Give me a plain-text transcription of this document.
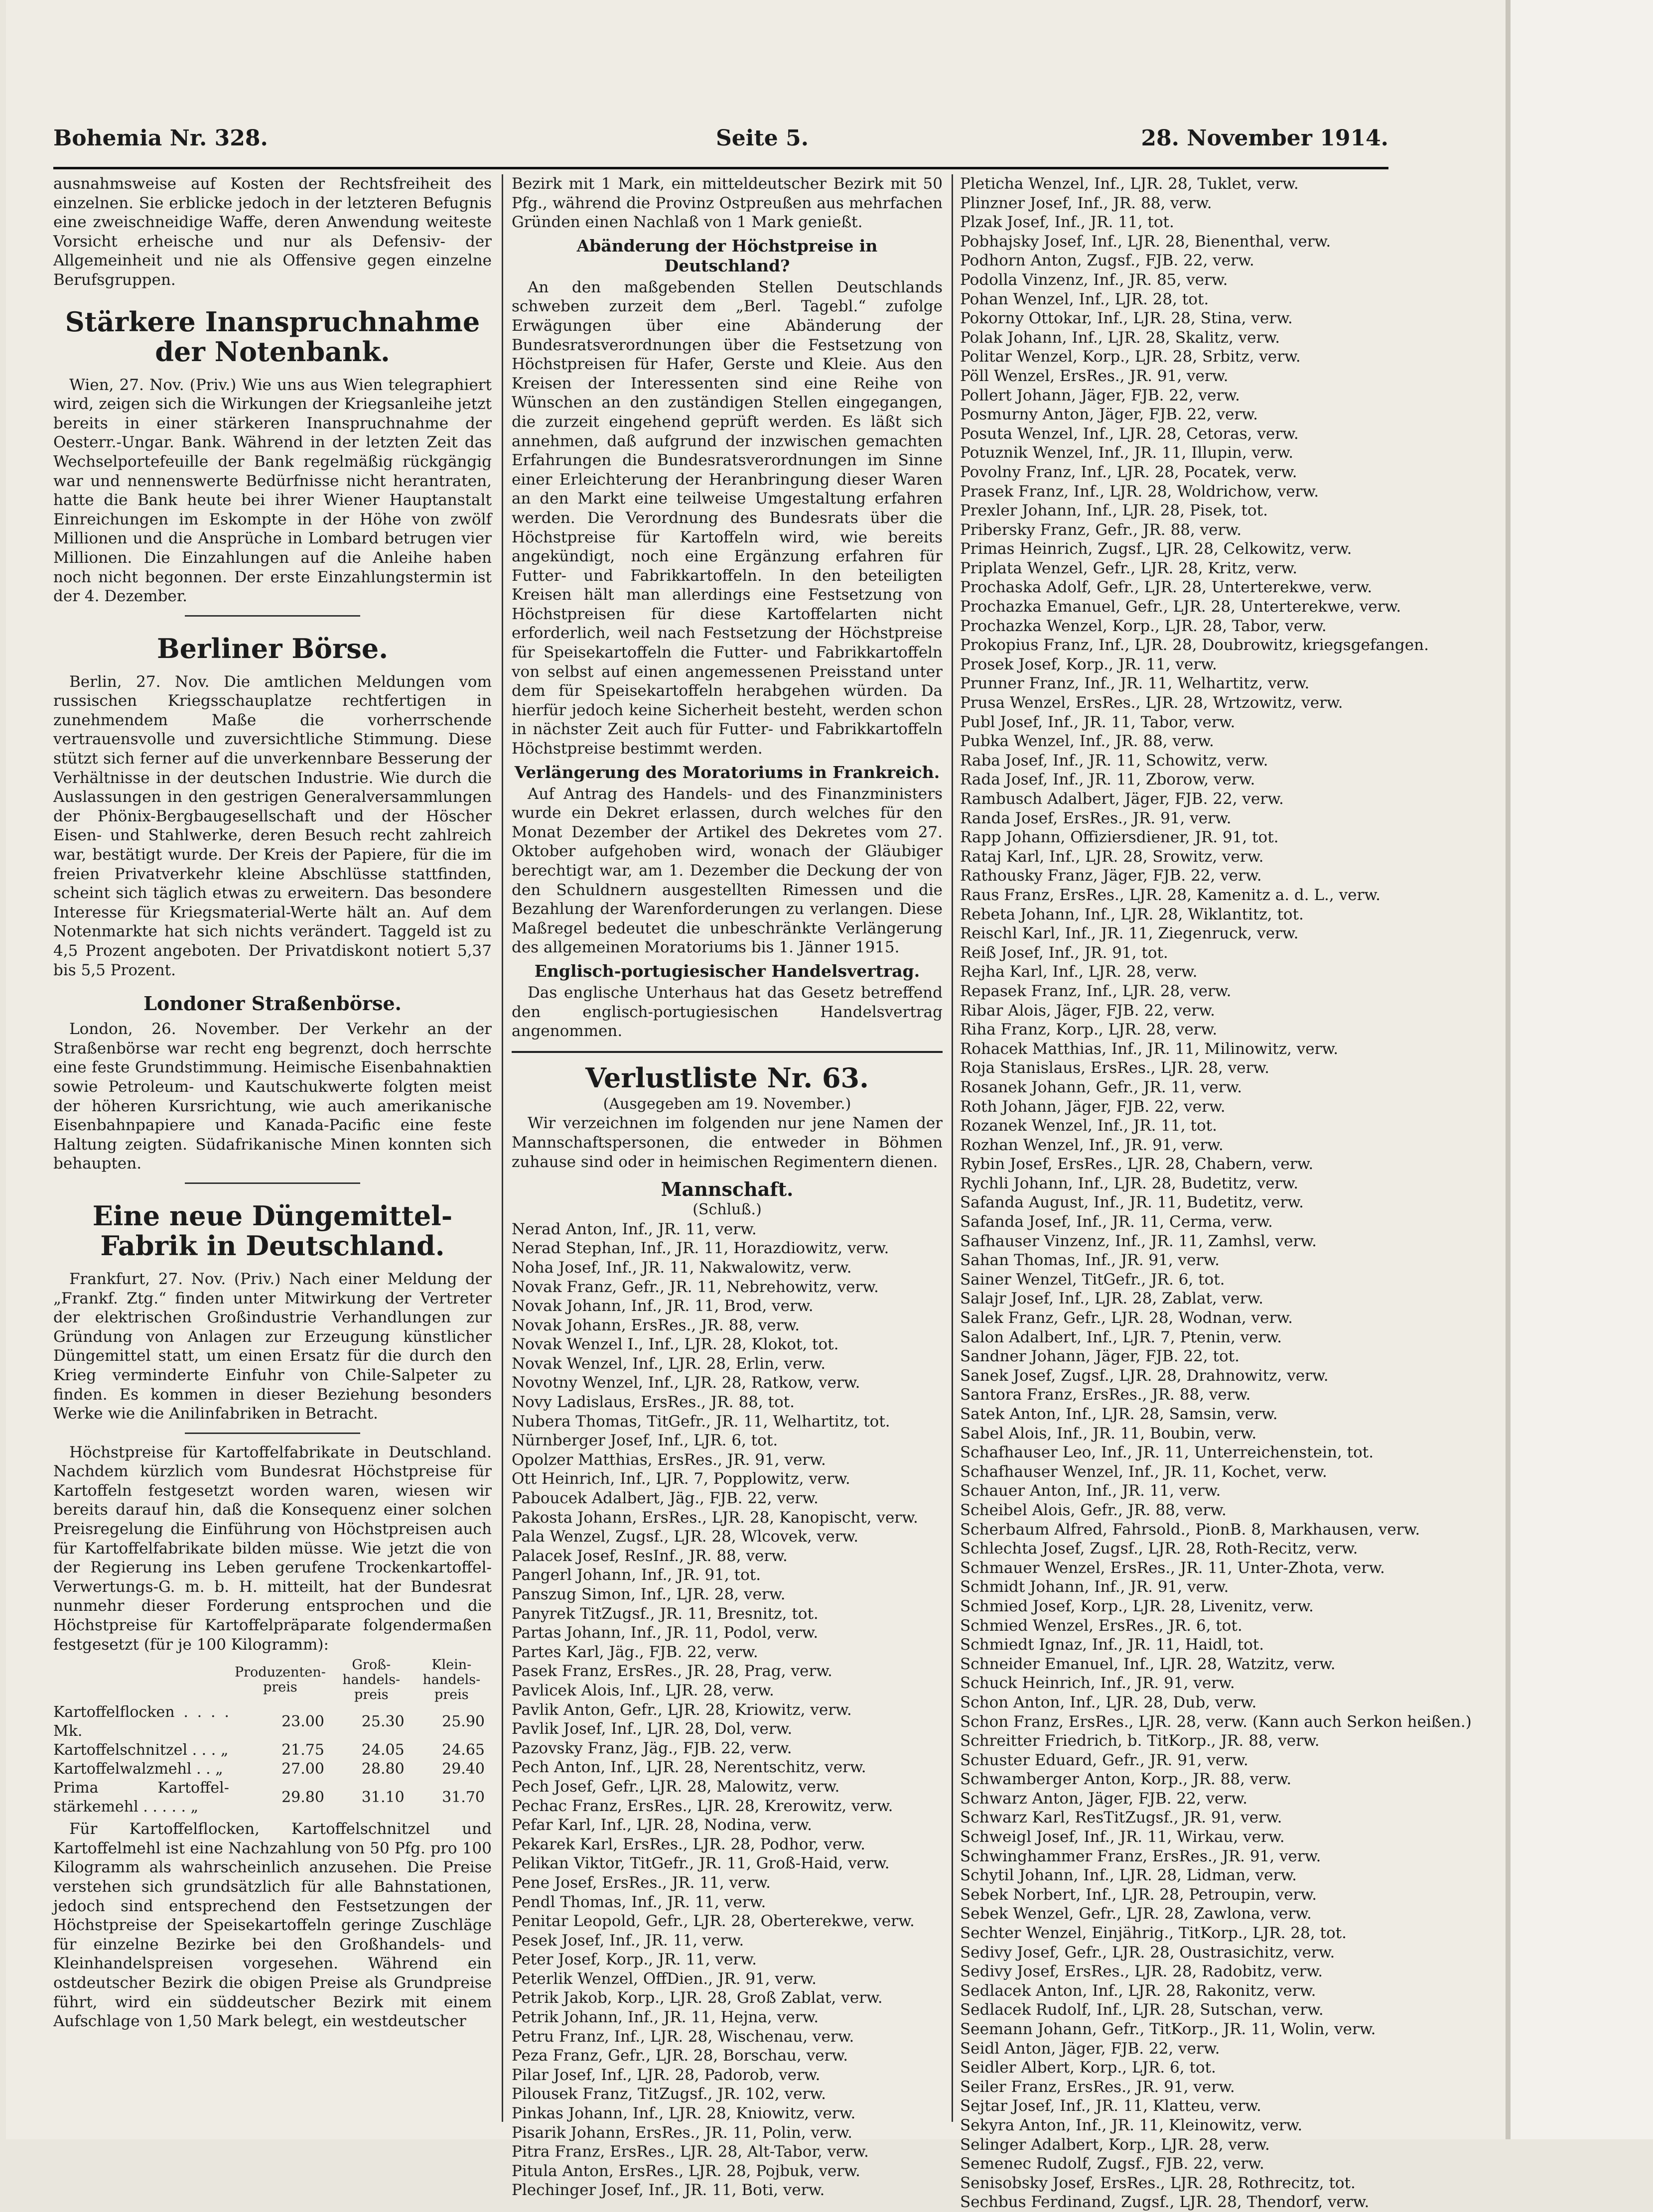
Bohemia Nr. 328.	Seite 5.	28. November 1914.

ausnahmsweise auf Kosten der Rechtsfreiheit des einzelnen. Sie erblicke jedoch in der letzteren Befugnis eine zweischneidige Waffe, deren Anwendung weiteste Vorsicht erheische und nur als Defensiv- der Allgemeinheit und nie als Offensive gegen einzelne Berufsgruppen.

Stärkere Inanspruchnahme der Notenbank.

Wien, 27. Nov. (Priv.) Wie uns aus Wien telegraphiert wird, zeigen sich die Wirkungen der Kriegsanleihe jetzt bereits in einer stärkeren Inanspruchnahme der Oesterr.-Ungar. Bank. Während in der letzten Zeit das Wechselportefeuille der Bank regelmäßig rückgängig war und nennenswerte Bedürfnisse nicht herantraten, hatte die Bank heute bei ihrer Wiener Hauptanstalt Einreichungen im Eskompte in der Höhe von zwölf Millionen und die Ansprüche in Lombard betrugen vier Millionen. Die Einzahlungen auf die Anleihe haben noch nicht begonnen. Der erste Einzahlungstermin ist der 4. Dezember.

Berliner Börse.

Berlin, 27. Nov. Die amtlichen Meldungen vom russischen Kriegsschauplatze rechtfertigen in zunehmendem Maße die vorherrschende vertrauensvolle und zuversichtliche Stimmung. Diese stützt sich ferner auf die unverkennbare Besserung der Verhältnisse in der deutschen Industrie. Wie durch die Auslassungen in den gestrigen Generalversammlungen der Phönix-Bergbaugesellschaft und der Höscher Eisen- und Stahlwerke, deren Besuch recht zahlreich war, bestätigt wurde. Der Kreis der Papiere, für die im freien Privatverkehr kleine Abschlüsse stattfinden, scheint sich täglich etwas zu erweitern. Das besondere Interesse für Kriegsmaterial-Werte hält an. Auf dem Notenmarkte hat sich nichts verändert. Taggeld ist zu 4,5 Prozent angeboten. Der Privatdiskont notiert 5,37 bis 5,5 Prozent.

Londoner Straßenbörse.

London, 26. November. Der Verkehr an der Straßenbörse war recht eng begrenzt, doch herrschte eine feste Grundstimmung. Heimische Eisenbahnaktien sowie Petroleum- und Kautschukwerte folgten meist der höheren Kursrichtung, wie auch amerikanische Eisenbahnpapiere und Kanada-Pacific eine feste Haltung zeigten. Südafrikanische Minen konnten sich behaupten.

Eine neue Düngemittel-Fabrik in Deutschland.

Frankfurt, 27. Nov. (Priv.) Nach einer Meldung der „Frankf. Ztg.“ finden unter Mitwirkung der Vertreter der elektrischen Großindustrie Verhandlungen zur Gründung von Anlagen zur Erzeugung künstlicher Düngemittel statt, um einen Ersatz für die durch den Krieg verminderte Einfuhr von Chile-Salpeter zu finden. Es kommen in dieser Beziehung besonders Werke wie die Anilinfabriken in Betracht.

Höchstpreise für Kartoffelfabrikate in Deutschland. Nachdem kürzlich vom Bundesrat Höchstpreise für Kartoffeln festgesetzt worden waren, wiesen wir bereits darauf hin, daß die Konsequenz einer solchen Preisregelung die Einführung von Höchstpreisen auch für Kartoffelfabrikate bilden müsse. Wie jetzt die von der Regierung ins Leben gerufene Trockenkartoffel-Verwertungs-G. m. b. H. mitteilt, hat der Bundesrat nunmehr dieser Forderung entsprochen und die Höchstpreise für Kartoffelpräparate folgendermaßen festgesetzt (für je 100 Kilogramm):

	Produzenten-preis	Groß-handels-preis	Klein-handels-preis
Kartoffelflocken . . . . Mk.	23.00	25.30	25.90
Kartoffelschnitzel . . . „	21.75	24.05	24.65
Kartoffelwalzmehl . . „	27.00	28.80	29.40
Prima Kartoffel-stärkemehl . . . . . „	29.80	31.10	31.70

Für Kartoffelflocken, Kartoffelschnitzel und Kartoffelmehl ist eine Nachzahlung von 50 Pfg. pro 100 Kilogramm als wahrscheinlich anzusehen. Die Preise verstehen sich grundsätzlich für alle Bahnstationen, jedoch sind entsprechend den Festsetzungen der Höchstpreise der Speisekartoffeln geringe Zuschläge für einzelne Bezirke bei den Großhandels- und Kleinhandelspreisen vorgesehen. Während ein ostdeutscher Bezirk die obigen Preise als Grundpreise führt, wird ein süddeutscher Bezirk mit einem Aufschlage von 1,50 Mark belegt, ein westdeutscher

Bezirk mit 1 Mark, ein mitteldeutscher Bezirk mit 50 Pfg., während die Provinz Ostpreußen aus mehrfachen Gründen einen Nachlaß von 1 Mark genießt.

Abänderung der Höchstpreise in Deutschland?

An den maßgebenden Stellen Deutschlands schweben zurzeit dem „Berl. Tagebl.“ zufolge Erwägungen über eine Abänderung der Bundesratsverordnungen über die Festsetzung von Höchstpreisen für Hafer, Gerste und Kleie. Aus den Kreisen der Interessenten sind eine Reihe von Wünschen an den zuständigen Stellen eingegangen, die zurzeit eingehend geprüft werden. Es läßt sich annehmen, daß aufgrund der inzwischen gemachten Erfahrungen die Bundesratsverordnungen im Sinne einer Erleichterung der Heranbringung dieser Waren an den Markt eine teilweise Umgestaltung erfahren werden. Die Verordnung des Bundesrats über die Höchstpreise für Kartoffeln wird, wie bereits angekündigt, noch eine Ergänzung erfahren für Futter- und Fabrikkartoffeln. In den beteiligten Kreisen hält man allerdings eine Festsetzung von Höchstpreisen für diese Kartoffelarten nicht erforderlich, weil nach Festsetzung der Höchstpreise für Speisekartoffeln die Futter- und Fabrikkartoffeln von selbst auf einen angemessenen Preisstand unter dem für Speisekartoffeln herabgehen würden. Da hierfür jedoch keine Sicherheit besteht, werden schon in nächster Zeit auch für Futter- und Fabrikkartoffeln Höchstpreise bestimmt werden.

Verlängerung des Moratoriums in Frankreich.

Auf Antrag des Handels- und des Finanzministers wurde ein Dekret erlassen, durch welches für den Monat Dezember der Artikel des Dekretes vom 27. Oktober aufgehoben wird, wonach der Gläubiger berechtigt war, am 1. Dezember die Deckung der von den Schuldnern ausgestellten Rimessen und die Bezahlung der Warenforderungen zu verlangen. Diese Maßregel bedeutet die unbeschränkte Verlängerung des allgemeinen Moratoriums bis 1. Jänner 1915.

Englisch-portugiesischer Handelsvertrag.

Das englische Unterhaus hat das Gesetz betreffend den englisch-portugiesischen Handelsvertrag angenommen.

Verlustliste Nr. 63.

(Ausgegeben am 19. November.)

Wir verzeichnen im folgenden nur jene Namen der Mannschaftspersonen, die entweder in Böhmen zuhause sind oder in heimischen Regimentern dienen.

Mannschaft.

(Schluß.)

Nerad Anton, Inf., JR. 11, verw.

Nerad Stephan, Inf., JR. 11, Horazdiowitz, verw.

Noha Josef, Inf., JR. 11, Nakwalowitz, verw.

Novak Franz, Gefr., JR. 11, Nebrehowitz, verw.

Novak Johann, Inf., JR. 11, Brod, verw.

Novak Johann, ErsRes., JR. 88, verw.

Novak Wenzel I., Inf., LJR. 28, Klokot, tot.

Novak Wenzel, Inf., LJR. 28, Erlin, verw.

Novotny Wenzel, Inf., LJR. 28, Ratkow, verw.

Novy Ladislaus, ErsRes., JR. 88, tot.

Nubera Thomas, TitGefr., JR. 11, Welhartitz, tot.

Nürnberger Josef, Inf., LJR. 6, tot.

Opolzer Matthias, ErsRes., JR. 91, verw.

Ott Heinrich, Inf., LJR. 7, Popplowitz, verw.

Paboucek Adalbert, Jäg., FJB. 22, verw.

Pakosta Johann, ErsRes., LJR. 28, Kanopischt, verw.

Pala Wenzel, Zugsf., LJR. 28, Wlcovek, verw.

Palacek Josef, ResInf., JR. 88, verw.

Pangerl Johann, Inf., JR. 91, tot.

Panszug Simon, Inf., LJR. 28, verw.

Panyrek TitZugsf., JR. 11, Bresnitz, tot.

Partas Johann, Inf., JR. 11, Podol, verw.

Partes Karl, Jäg., FJB. 22, verw.

Pasek Franz, ErsRes., JR. 28, Prag, verw.

Pavlicek Alois, Inf., LJR. 28, verw.

Pavlik Anton, Gefr., LJR. 28, Kriowitz, verw.

Pavlik Josef, Inf., LJR. 28, Dol, verw.

Pazovsky Franz, Jäg., FJB. 22, verw.

Pech Anton, Inf., LJR. 28, Nerentschitz, verw.

Pech Josef, Gefr., LJR. 28, Malowitz, verw.

Pechac Franz, ErsRes., LJR. 28, Krerowitz, verw.

Pefar Karl, Inf., LJR. 28, Nodina, verw.

Pekarek Karl, ErsRes., LJR. 28, Podhor, verw.

Pelikan Viktor, TitGefr., JR. 11, Groß-Haid, verw.

Pene Josef, ErsRes., JR. 11, verw.

Pendl Thomas, Inf., JR. 11, verw.

Penitar Leopold, Gefr., LJR. 28, Oberterekwe, verw.

Pesek Josef, Inf., JR. 11, verw.

Peter Josef, Korp., JR. 11, verw.

Peterlik Wenzel, OffDien., JR. 91, verw.

Petrik Jakob, Korp., LJR. 28, Groß Zablat, verw.

Petrik Johann, Inf., JR. 11, Hejna, verw.

Petru Franz, Inf., LJR. 28, Wischenau, verw.

Peza Franz, Gefr., LJR. 28, Borschau, verw.

Pilar Josef, Inf., LJR. 28, Padorob, verw.

Pilousek Franz, TitZugsf., JR. 102, verw.

Pinkas Johann, Inf., LJR. 28, Kniowitz, verw.

Pisarik Johann, ErsRes., JR. 11, Polin, verw.

Pitra Franz, ErsRes., LJR. 28, Alt-Tabor, verw.

Pitula Anton, ErsRes., LJR. 28, Pojbuk, verw.

Plechinger Josef, Inf., JR. 11, Boti, verw.

Pleticha Wenzel, Inf., LJR. 28, Tuklet, verw.

Plinzner Josef, Inf., JR. 88, verw.

Plzak Josef, Inf., JR. 11, tot.

Pobhajsky Josef, Inf., LJR. 28, Bienenthal, verw.

Podhorn Anton, Zugsf., FJB. 22, verw.

Podolla Vinzenz, Inf., JR. 85, verw.

Pohan Wenzel, Inf., LJR. 28, tot.

Pokorny Ottokar, Inf., LJR. 28, Stina, verw.

Polak Johann, Inf., LJR. 28, Skalitz, verw.

Politar Wenzel, Korp., LJR. 28, Srbitz, verw.

Pöll Wenzel, ErsRes., JR. 91, verw.

Pollert Johann, Jäger, FJB. 22, verw.

Posmurny Anton, Jäger, FJB. 22, verw.

Posuta Wenzel, Inf., LJR. 28, Cetoras, verw.

Potuznik Wenzel, Inf., JR. 11, Illupin, verw.

Povolny Franz, Inf., LJR. 28, Pocatek, verw.

Prasek Franz, Inf., LJR. 28, Woldrichow, verw.

Prexler Johann, Inf., LJR. 28, Pisek, tot.

Pribersky Franz, Gefr., JR. 88, verw.

Primas Heinrich, Zugsf., LJR. 28, Celkowitz, verw.

Priplata Wenzel, Gefr., LJR. 28, Kritz, verw.

Prochaska Adolf, Gefr., LJR. 28, Unterterekwe, verw.

Prochazka Emanuel, Gefr., LJR. 28, Unterterekwe, verw.

Prochazka Wenzel, Korp., LJR. 28, Tabor, verw.

Prokopius Franz, Inf., LJR. 28, Doubrowitz, kriegsgefangen.

Prosek Josef, Korp., JR. 11, verw.

Prunner Franz, Inf., JR. 11, Welhartitz, verw.

Prusa Wenzel, ErsRes., LJR. 28, Wrtzowitz, verw.

Publ Josef, Inf., JR. 11, Tabor, verw.

Pubka Wenzel, Inf., JR. 88, verw.

Raba Josef, Inf., JR. 11, Schowitz, verw.

Rada Josef, Inf., JR. 11, Zborow, verw.

Rambusch Adalbert, Jäger, FJB. 22, verw.

Randa Josef, ErsRes., JR. 91, verw.

Rapp Johann, Offiziersdiener, JR. 91, tot.

Rataj Karl, Inf., LJR. 28, Srowitz, verw.

Rathousky Franz, Jäger, FJB. 22, verw.

Raus Franz, ErsRes., LJR. 28, Kamenitz a. d. L., verw.

Rebeta Johann, Inf., LJR. 28, Wiklantitz, tot.

Reischl Karl, Inf., JR. 11, Ziegenruck, verw.

Reiß Josef, Inf., JR. 91, tot.

Rejha Karl, Inf., LJR. 28, verw.

Repasek Franz, Inf., LJR. 28, verw.

Ribar Alois, Jäger, FJB. 22, verw.

Riha Franz, Korp., LJR. 28, verw.

Rohacek Matthias, Inf., JR. 11, Milinowitz, verw.

Roja Stanislaus, ErsRes., LJR. 28, verw.

Rosanek Johann, Gefr., JR. 11, verw.

Roth Johann, Jäger, FJB. 22, verw.

Rozanek Wenzel, Inf., JR. 11, tot.

Rozhan Wenzel, Inf., JR. 91, verw.

Rybin Josef, ErsRes., LJR. 28, Chabern, verw.

Rychli Johann, Inf., LJR. 28, Budetitz, verw.

Safanda August, Inf., JR. 11, Budetitz, verw.

Safanda Josef, Inf., JR. 11, Cerma, verw.

Safhauser Vinzenz, Inf., JR. 11, Zamhsl, verw.

Sahan Thomas, Inf., JR. 91, verw.

Sainer Wenzel, TitGefr., JR. 6, tot.

Salajr Josef, Inf., LJR. 28, Zablat, verw.

Salek Franz, Gefr., LJR. 28, Wodnan, verw.

Salon Adalbert, Inf., LJR. 7, Ptenin, verw.

Sandner Johann, Jäger, FJB. 22, tot.

Sanek Josef, Zugsf., LJR. 28, Drahnowitz, verw.

Santora Franz, ErsRes., JR. 88, verw.

Satek Anton, Inf., LJR. 28, Samsin, verw.

Sabel Alois, Inf., JR. 11, Boubin, verw.

Schafhauser Leo, Inf., JR. 11, Unterreichenstein, tot.

Schafhauser Wenzel, Inf., JR. 11, Kochet, verw.

Schauer Anton, Inf., JR. 11, verw.

Scheibel Alois, Gefr., JR. 88, verw.

Scherbaum Alfred, Fahrsold., PionB. 8, Markhausen, verw.

Schlechta Josef, Zugsf., LJR. 28, Roth-Recitz, verw.

Schmauer Wenzel, ErsRes., JR. 11, Unter-Zhota, verw.

Schmidt Johann, Inf., JR. 91, verw.

Schmied Josef, Korp., LJR. 28, Livenitz, verw.

Schmied Wenzel, ErsRes., JR. 6, tot.

Schmiedt Ignaz, Inf., JR. 11, Haidl, tot.

Schneider Emanuel, Inf., LJR. 28, Watzitz, verw.

Schuck Heinrich, Inf., JR. 91, verw.

Schon Anton, Inf., LJR. 28, Dub, verw.

Schon Franz, ErsRes., LJR. 28, verw. (Kann auch Serkon heißen.)

Schreitter Friedrich, b. TitKorp., JR. 88, verw.

Schuster Eduard, Gefr., JR. 91, verw.

Schwamberger Anton, Korp., JR. 88, verw.

Schwarz Anton, Jäger, FJB. 22, verw.

Schwarz Karl, ResTitZugsf., JR. 91, verw.

Schweigl Josef, Inf., JR. 11, Wirkau, verw.

Schwinghammer Franz, ErsRes., JR. 91, verw.

Schytil Johann, Inf., LJR. 28, Lidman, verw.

Sebek Norbert, Inf., LJR. 28, Petroupin, verw.

Sebek Wenzel, Gefr., LJR. 28, Zawlona, verw.

Sechter Wenzel, Einjährig., TitKorp., LJR. 28, tot.

Sedivy Josef, Gefr., LJR. 28, Oustrasichitz, verw.

Sedivy Josef, ErsRes., LJR. 28, Radobitz, verw.

Sedlacek Anton, Inf., LJR. 28, Rakonitz, verw.

Sedlacek Rudolf, Inf., LJR. 28, Sutschan, verw.

Seemann Johann, Gefr., TitKorp., JR. 11, Wolin, verw.

Seidl Anton, Jäger, FJB. 22, verw.

Seidler Albert, Korp., LJR. 6, tot.

Seiler Franz, ErsRes., JR. 91, verw.

Sejtar Josef, Inf., JR. 11, Klatteu, verw.

Sekyra Anton, Inf., JR. 11, Kleinowitz, verw.

Selinger Adalbert, Korp., LJR. 28, verw.

Semenec Rudolf, Zugsf., FJB. 22, verw.

Senisobsky Josef, ErsRes., LJR. 28, Rothrecitz, tot.

Sechbus Ferdinand, Zugsf., LJR. 28, Thendorf, verw.
